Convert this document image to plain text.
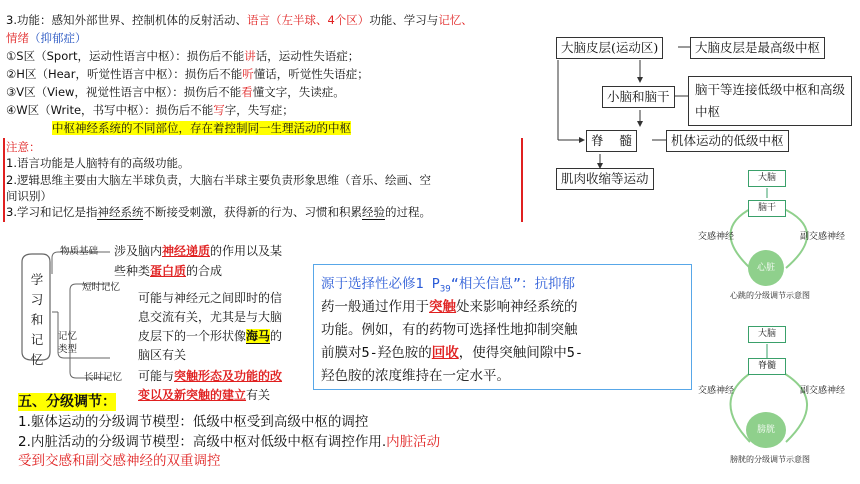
3.功能：感知外部世界、控制机体的反射活动、语言（左半球、4个区）功能、学习与记忆、
情绪（抑郁症）
①S区（Sport，运动性语言中枢）：损伤后不能讲话，运动性失语症；
②H区（Hear，听觉性语言中枢）：损伤后不能听懂话，听觉性失语症；
③V区（View，视觉性语言中枢）：损伤后不能看懂文字，失读症。
④W区（Write，书写中枢）：损伤后不能写字，失写症；
中枢神经系统的不同部位，存在着控制同一生理活动的中枢
注意：
1.语言功能是人脑特有的高级功能。
2.逻辑思维主要由大脑左半球负责，大脑右半球主要负责形象思维（音乐、绘画、空
间识别）
3.学习和记忆是指神经系统不断接受刺激，获得新的行为、习惯和积累经验的过程。
学习和记忆
物质基础 涉及脑内神经递质的作用以及某
些种类蛋白质的合成
记忆类型
短时记忆
可能与神经元之间即时的信
息交流有关，尤其是与大脑
皮层下的一个形状像海马的
脑区有关
长时记忆 可能与突触形态及功能的改
变以及新突触的建立有关
源于选择性必修1 $P_{39}“$相关信息”：抗抑郁
药一般通过作用于突触处来影响神经系统的
功能。例如，有的药物可选择性地抑制突触
前膜对5-羟色胺的回收，使得突触间隙中5-
羟色胺的浓度维持在一定水平。
五、分级调节：
1.躯体运动的分级调节模型：低级中枢受到高级中枢的调控
2.内脏活动的分级调节模型：高级中枢对低级中枢有调控作用.内脏活动
受到交感和副交感神经的双重调控
大脑皮层(运动区)	大脑皮层是最高级中枢
小脑和脑干	脑干等连接低级中枢和高级中枢
脊    髓	机体运动的低级中枢
肌肉收缩等运动	大脑
脑干
交感神经	副交感神经
心脏
心跳的分级调节示意图
大脑
脊髓
交感神经	副交感神经
膀胱
膀胱的分级调节示意图
